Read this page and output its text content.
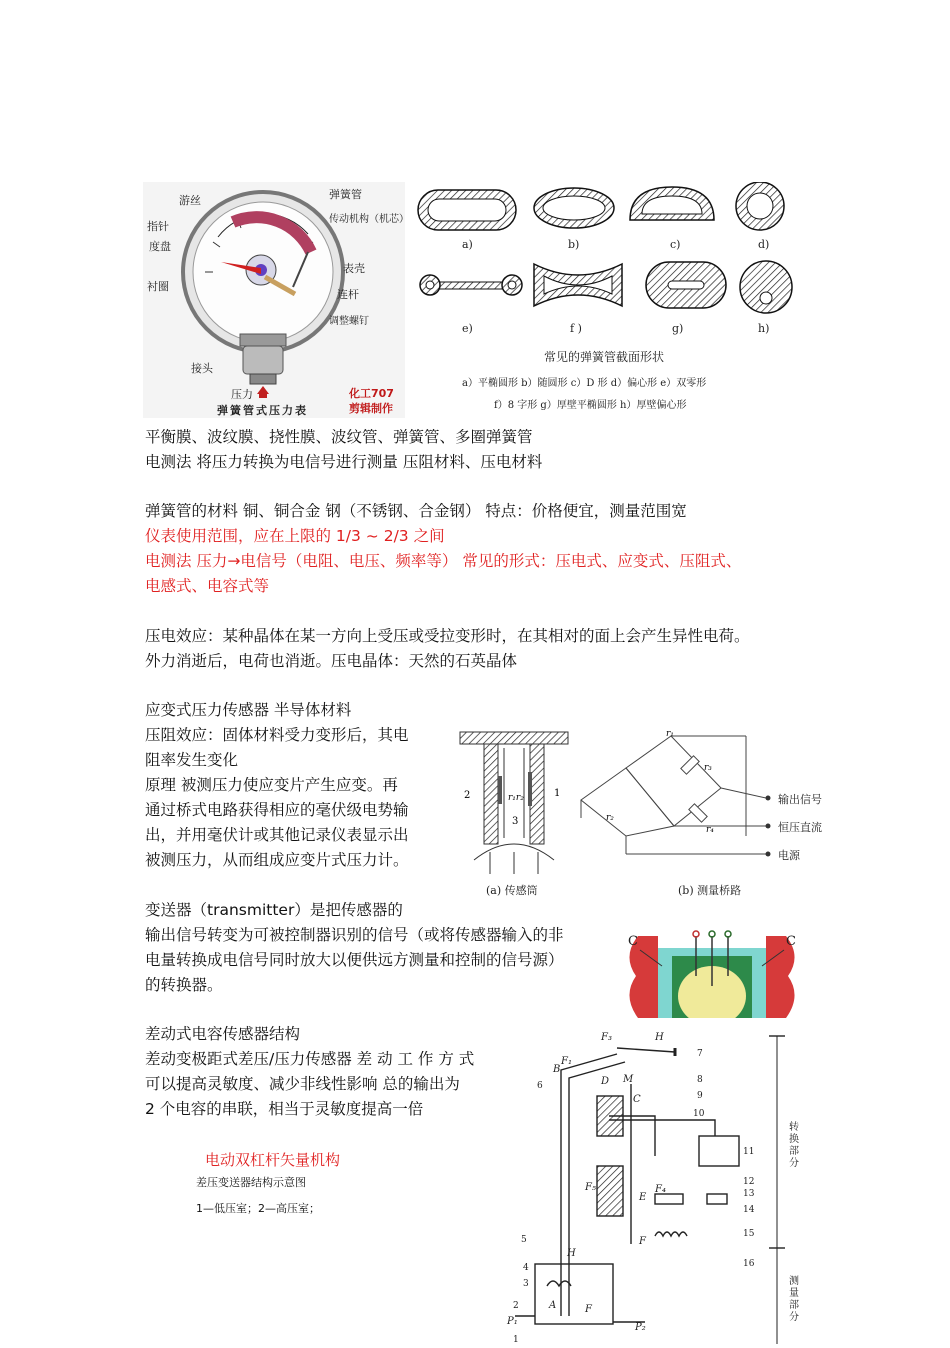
游丝	弹簧管
传动机构（机芯）
指针
度盘
表壳
衬圈
连杆
调整螺钉
接头
压力
弹簧管式压力表
化工707
剪辑制作
a)	b)	c)	d)
e)	f )	g)	h)
常见的弹簧管截面形状
a）平椭圆形 b）随圆形 c）D 形 d）偏心形 e）双零形
f）8 字形 g）厚壁平椭圆形 h）厚壁偏心形
平衡膜、波纹膜、挠性膜、波纹管、弹簧管、多圈弹簧管
电测法 将压力转换为电信号进行测量 压阻材料、压电材料
弹簧管的材料 铜、铜合金 钢（不锈钢、合金钢） 特点：价格便宜，测量范围宽
仪表使用范围，应在上限的 1/3 ~ 2/3 之间
电测法 压力→电信号（电阻、电压、频率等） 常见的形式：压电式、应变式、压阻式、
电感式、电容式等
压电效应：某种晶体在某一方向上受压或受拉变形时，在其相对的面上会产生异性电荷。
外力消逝后，电荷也消逝。压电晶体：天然的石英晶体
应变式压力传感器 半导体材料
压阻效应：固体材料受力变形后，其电
阻率发生变化
原理 被测压力使应变片产生应变。再
通过桥式电路获得相应的毫伏级电势输
出，并用毫伏计或其他记录仪表显示出
被测压力，从而组成应变片式压力计。
变送器（transmitter）是把传感器的
输出信号转变为可被控制器识别的信号（或将传感器输入的非
电量转换成电信号同时放大以便供远方测量和控制的信号源）
的转换器。
差动式电容传感器结构
差动变极距式差压/压力传感器 差 动 工 作 方 式
可以提高灵敏度、减少非线性影响 总的输出为
2 个电容的串联，相当于灵敏度提高一倍
电动双杠杆矢量机构
差压变送器结构示意图
1—低压室；2—高压室；
2	r₁r₂
3
1
r₁
r₃
r₂
r₄
(a) 传感筒	(b) 测量桥路
输出信号
恒压直流
电源
C	C
F₃	H
F₁
B
D M
C
F₄
F₅
E
F
H
A	F
P₁
P₂
1
2
3
4
5
6
7
8
9
10
11
12
13
14
15
16
转换部分
测量部分
